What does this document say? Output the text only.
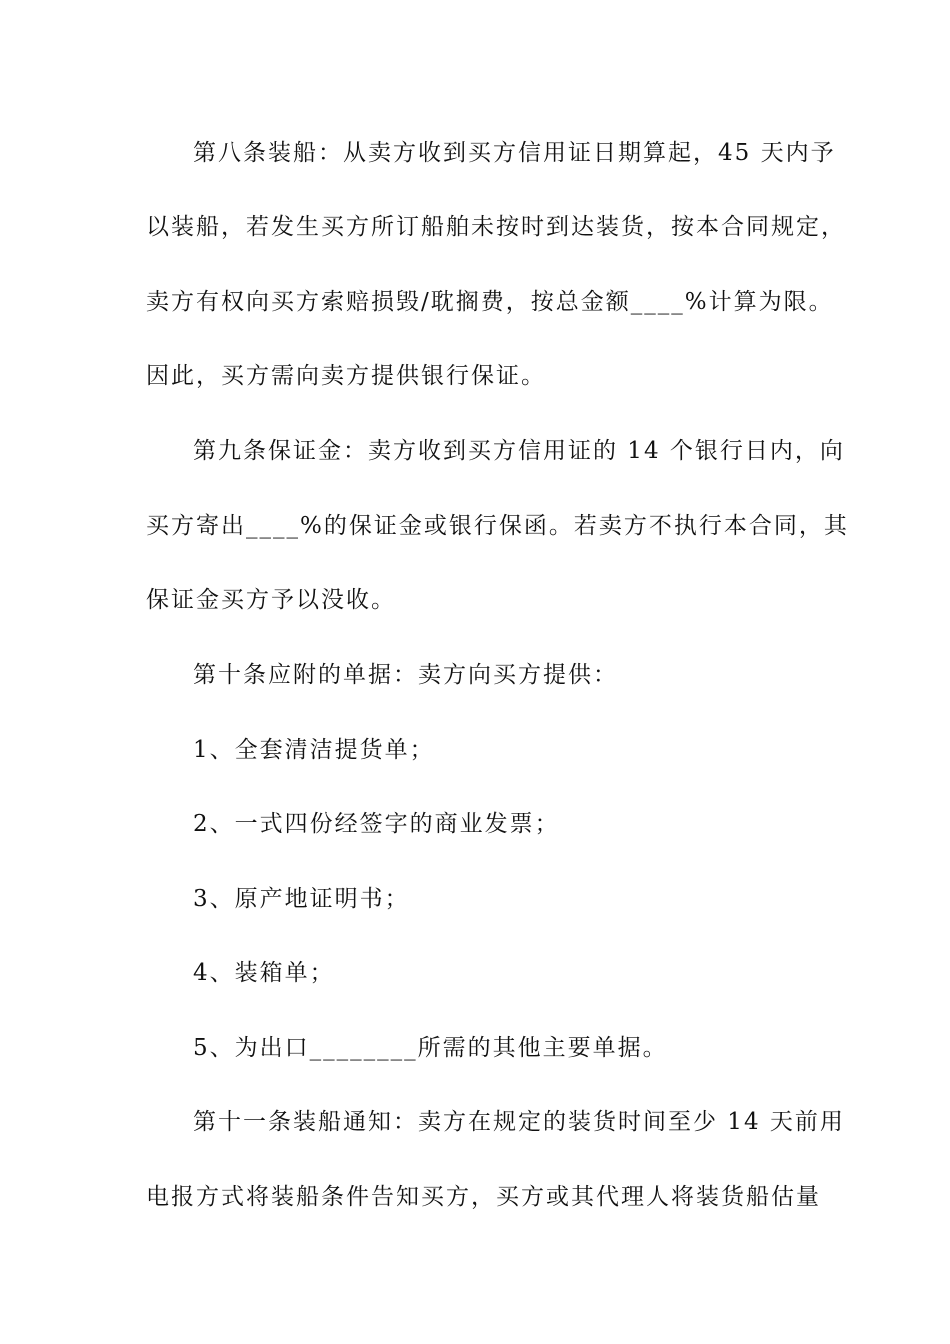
第八条装船：从卖方收到买方信用证日期算起，45 天内予
以装船，若发生买方所订船舶未按时到达装货，按本合同规定，
卖方有权向买方索赔损毁/耽搁费，按总金额____%计算为限。
因此，买方需向卖方提供银行保证。
第九条保证金：卖方收到买方信用证的 14 个银行日内，向
买方寄出____%的保证金或银行保函。若卖方不执行本合同，其
保证金买方予以没收。
第十条应附的单据：卖方向买方提供：
1、全套清洁提货单；
2、一式四份经签字的商业发票；
3、原产地证明书；
4、装箱单；
5、为出口________所需的其他主要单据。
第十一条装船通知：卖方在规定的装货时间至少 14 天前用
电报方式将装船条件告知买方，买方或其代理人将装货船估量
